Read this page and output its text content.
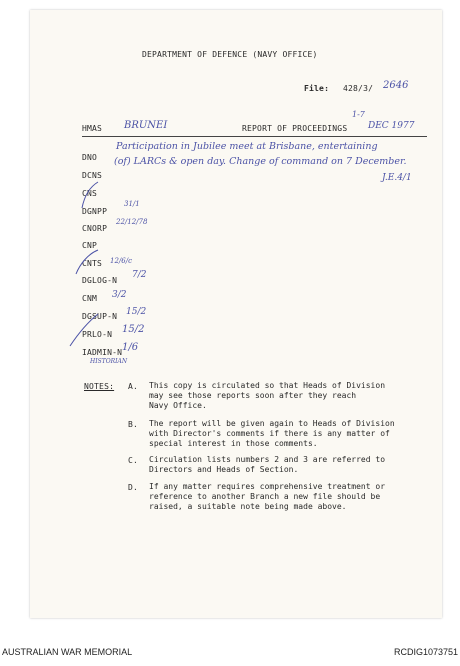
DEPARTMENT OF DEFENCE (NAVY OFFICE)
File: 428/3/ 2646
1-7
HMAS BRUNEI	REPORT OF PROCEEDINGS DEC 1977
Participation in Jubilee meet at Brisbane, entertaining
(of) LARCs & open day. Change of command on 7 December.
J.E.4/1
DNO
DCNS
CNS
DGNPP
31/1
CNORP
22/12/78
CNP
CNTS 12/6/c
DGLOG-N
7/2
CNM 3/2
DGSUP-N 15/2
PRLO-N 15/2
IADMIN-N 1/6
HISTORIAN
NOTES: A. This copy is circulated so that Heads of Division
may see those reports soon after they reach
Navy Office.
B. The report will be given again to Heads of Division
with Director's comments if there is any matter of
special interest in those comments.
C. Circulation lists numbers 2 and 3 are referred to
Directors and Heads of Section.
D. If any matter requires comprehensive treatment or
reference to another Branch a new file should be
raised, a suitable note being made above.
AUSTRALIAN WAR MEMORIAL	RCDIG1073751
